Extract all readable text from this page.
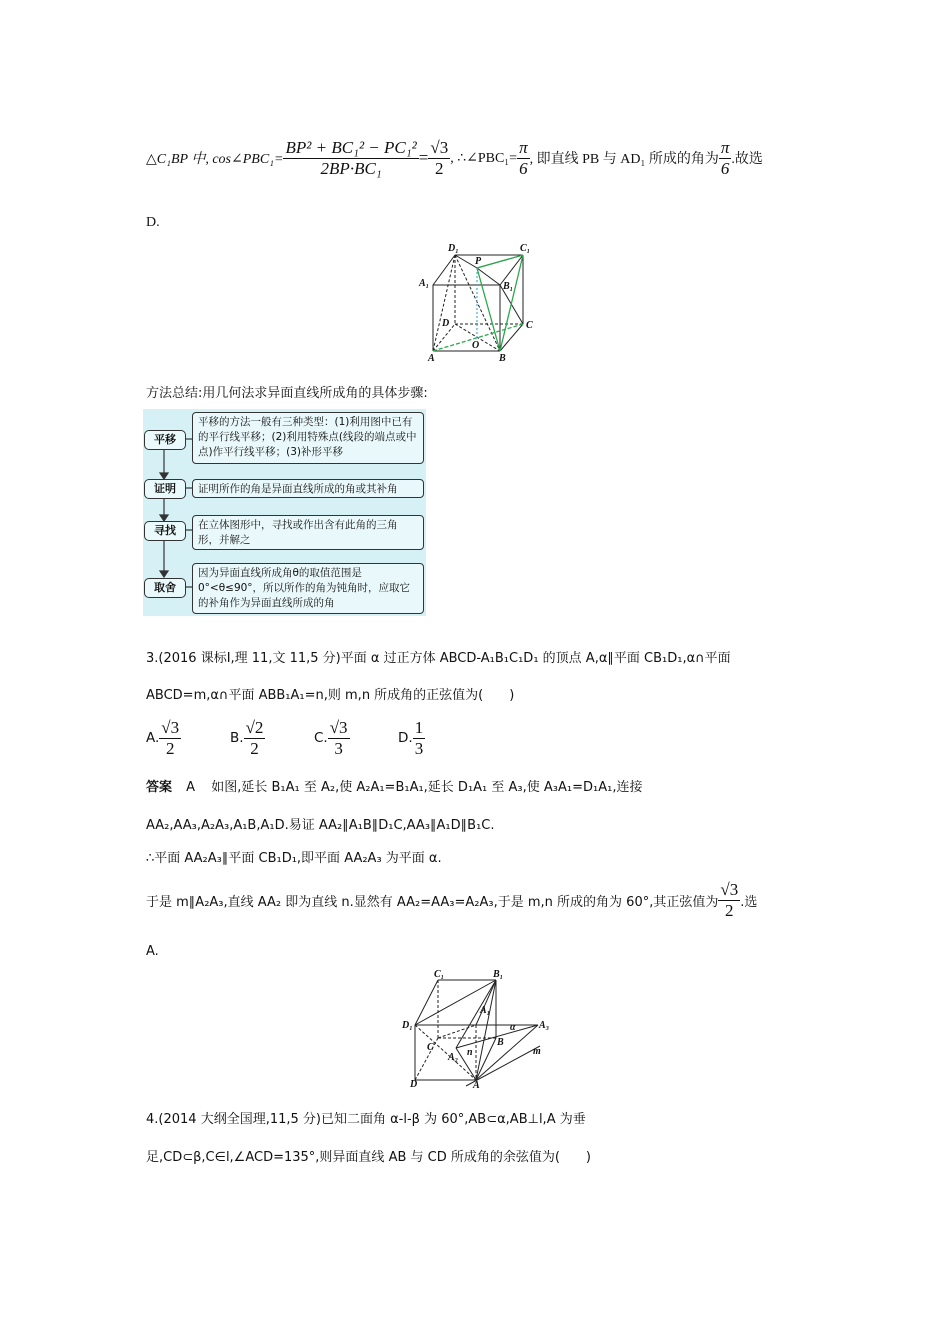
△C₁BP 中, cos∠PBC₁= $\frac{\text{BP² + BC₁² − PC₁²}}{\text{2BP·BC₁}} = \frac{√3}{2}$ , ∴∠PBC₁= $\frac{\pi}{6}$ , 即直线 PB 与 AD₁ 所成的角为 $\frac{\pi}{6}$ .故选
D.
D₁	C₁
A₁	B₁
P
D	C
A	B
O
方法总结:用几何法求异面直线所成角的具体步骤:
平移
证明
寻找
取舍
平移的方法一般有三种类型：(1)利用图中已有的平行线平移；(2)利用特殊点(线段的端点或中点)作平行线平移；(3)补形平移
证明所作的角是异面直线所成的角或其补角
在立体图形中，寻找或作出含有此角的三角形，并解之
因为异面直线所成角θ的取值范围是0°<θ≤90°，所以所作的角为钝角时，应取它的补角作为异面直线所成的角
3.(2016 课标Ⅰ,理 11,文 11,5 分)平面 α 过正方体 ABCD-A₁B₁C₁D₁ 的顶点 A,α∥平面 CB₁D₁,α∩平面
ABCD=m,α∩平面 ABB₁A₁=n,则 m,n 所成角的正弦值为(　　)
A. $\frac{√3}{2}$	B. $\frac{√2}{2}$	C. $\frac{√3}{3}$	D. $\frac{1}{3}$
答案 A 如图,延长 B₁A₁ 至 A₂,使 A₂A₁=B₁A₁,延长 D₁A₁ 至 A₃,使 A₃A₁=D₁A₁,连接
AA₂,AA₃,A₂A₃,A₁B,A₁D.易证 AA₂∥A₁B∥D₁C,AA₃∥A₁D∥B₁C.
∴平面 AA₂A₃∥平面 CB₁D₁,即平面 AA₂A₃ 为平面 α.
于是 m∥A₂A₃,直线 AA₂ 即为直线 n.显然有 AA₂=AA₃=A₂A₃,于是 m,n 所成的角为 60°,其正弦值为 $\frac{√3}{2}$ .选
A.
C₁	B₁
D₁
A₁
A₃
α
C	B
A₂ n	m
D	A
4.(2014 大纲全国理,11,5 分)已知二面角 α-l-β 为 60°,AB⊂α,AB⊥l,A 为垂
足,CD⊂β,C∈l,∠ACD=135°,则异面直线 AB 与 CD 所成角的余弦值为(　　)
